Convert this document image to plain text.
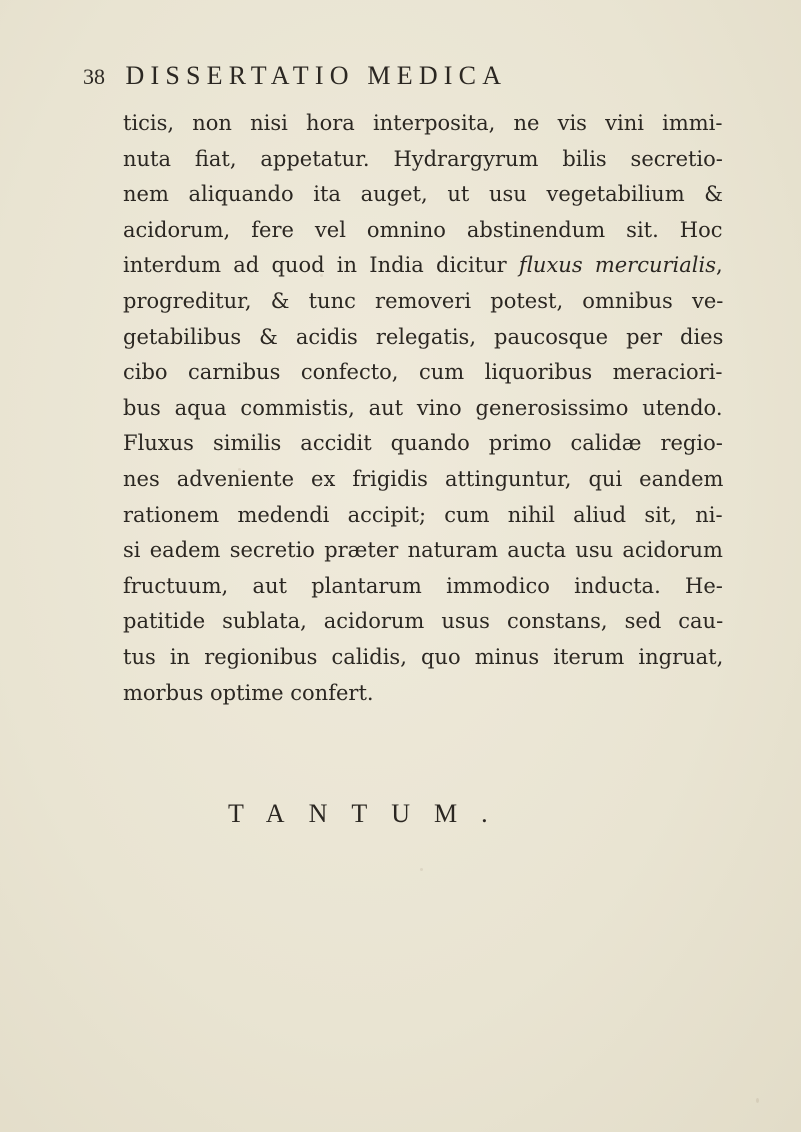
38 DISSERTATIO MEDICA
ticis, non nisi hora interposita, ne vis vini immi-
nuta fiat, appetatur. Hydrargyrum bilis secretio-
nem aliquando ita auget, ut usu vegetabilium &
acidorum, fere vel omnino abstinendum sit. Hoc
interdum ad quod in India dicitur fluxus mercurialis,
progreditur, & tunc removeri potest, omnibus ve-
getabilibus & acidis relegatis, paucosque per dies
cibo carnibus confecto, cum liquoribus meraciori-
bus aqua commistis, aut vino generosissimo utendo.
Fluxus similis accidit quando primo calidæ regio-
nes adveniente ex frigidis attinguntur, qui eandem
rationem medendi accipit; cum nihil aliud sit, ni-
si eadem secretio præter naturam aucta usu acidorum
fructuum, aut plantarum immodico inducta. He-
patitide sublata, acidorum usus constans, sed cau-
tus in regionibus calidis, quo minus iterum ingruat,
morbus optime confert.
TANTUM.
